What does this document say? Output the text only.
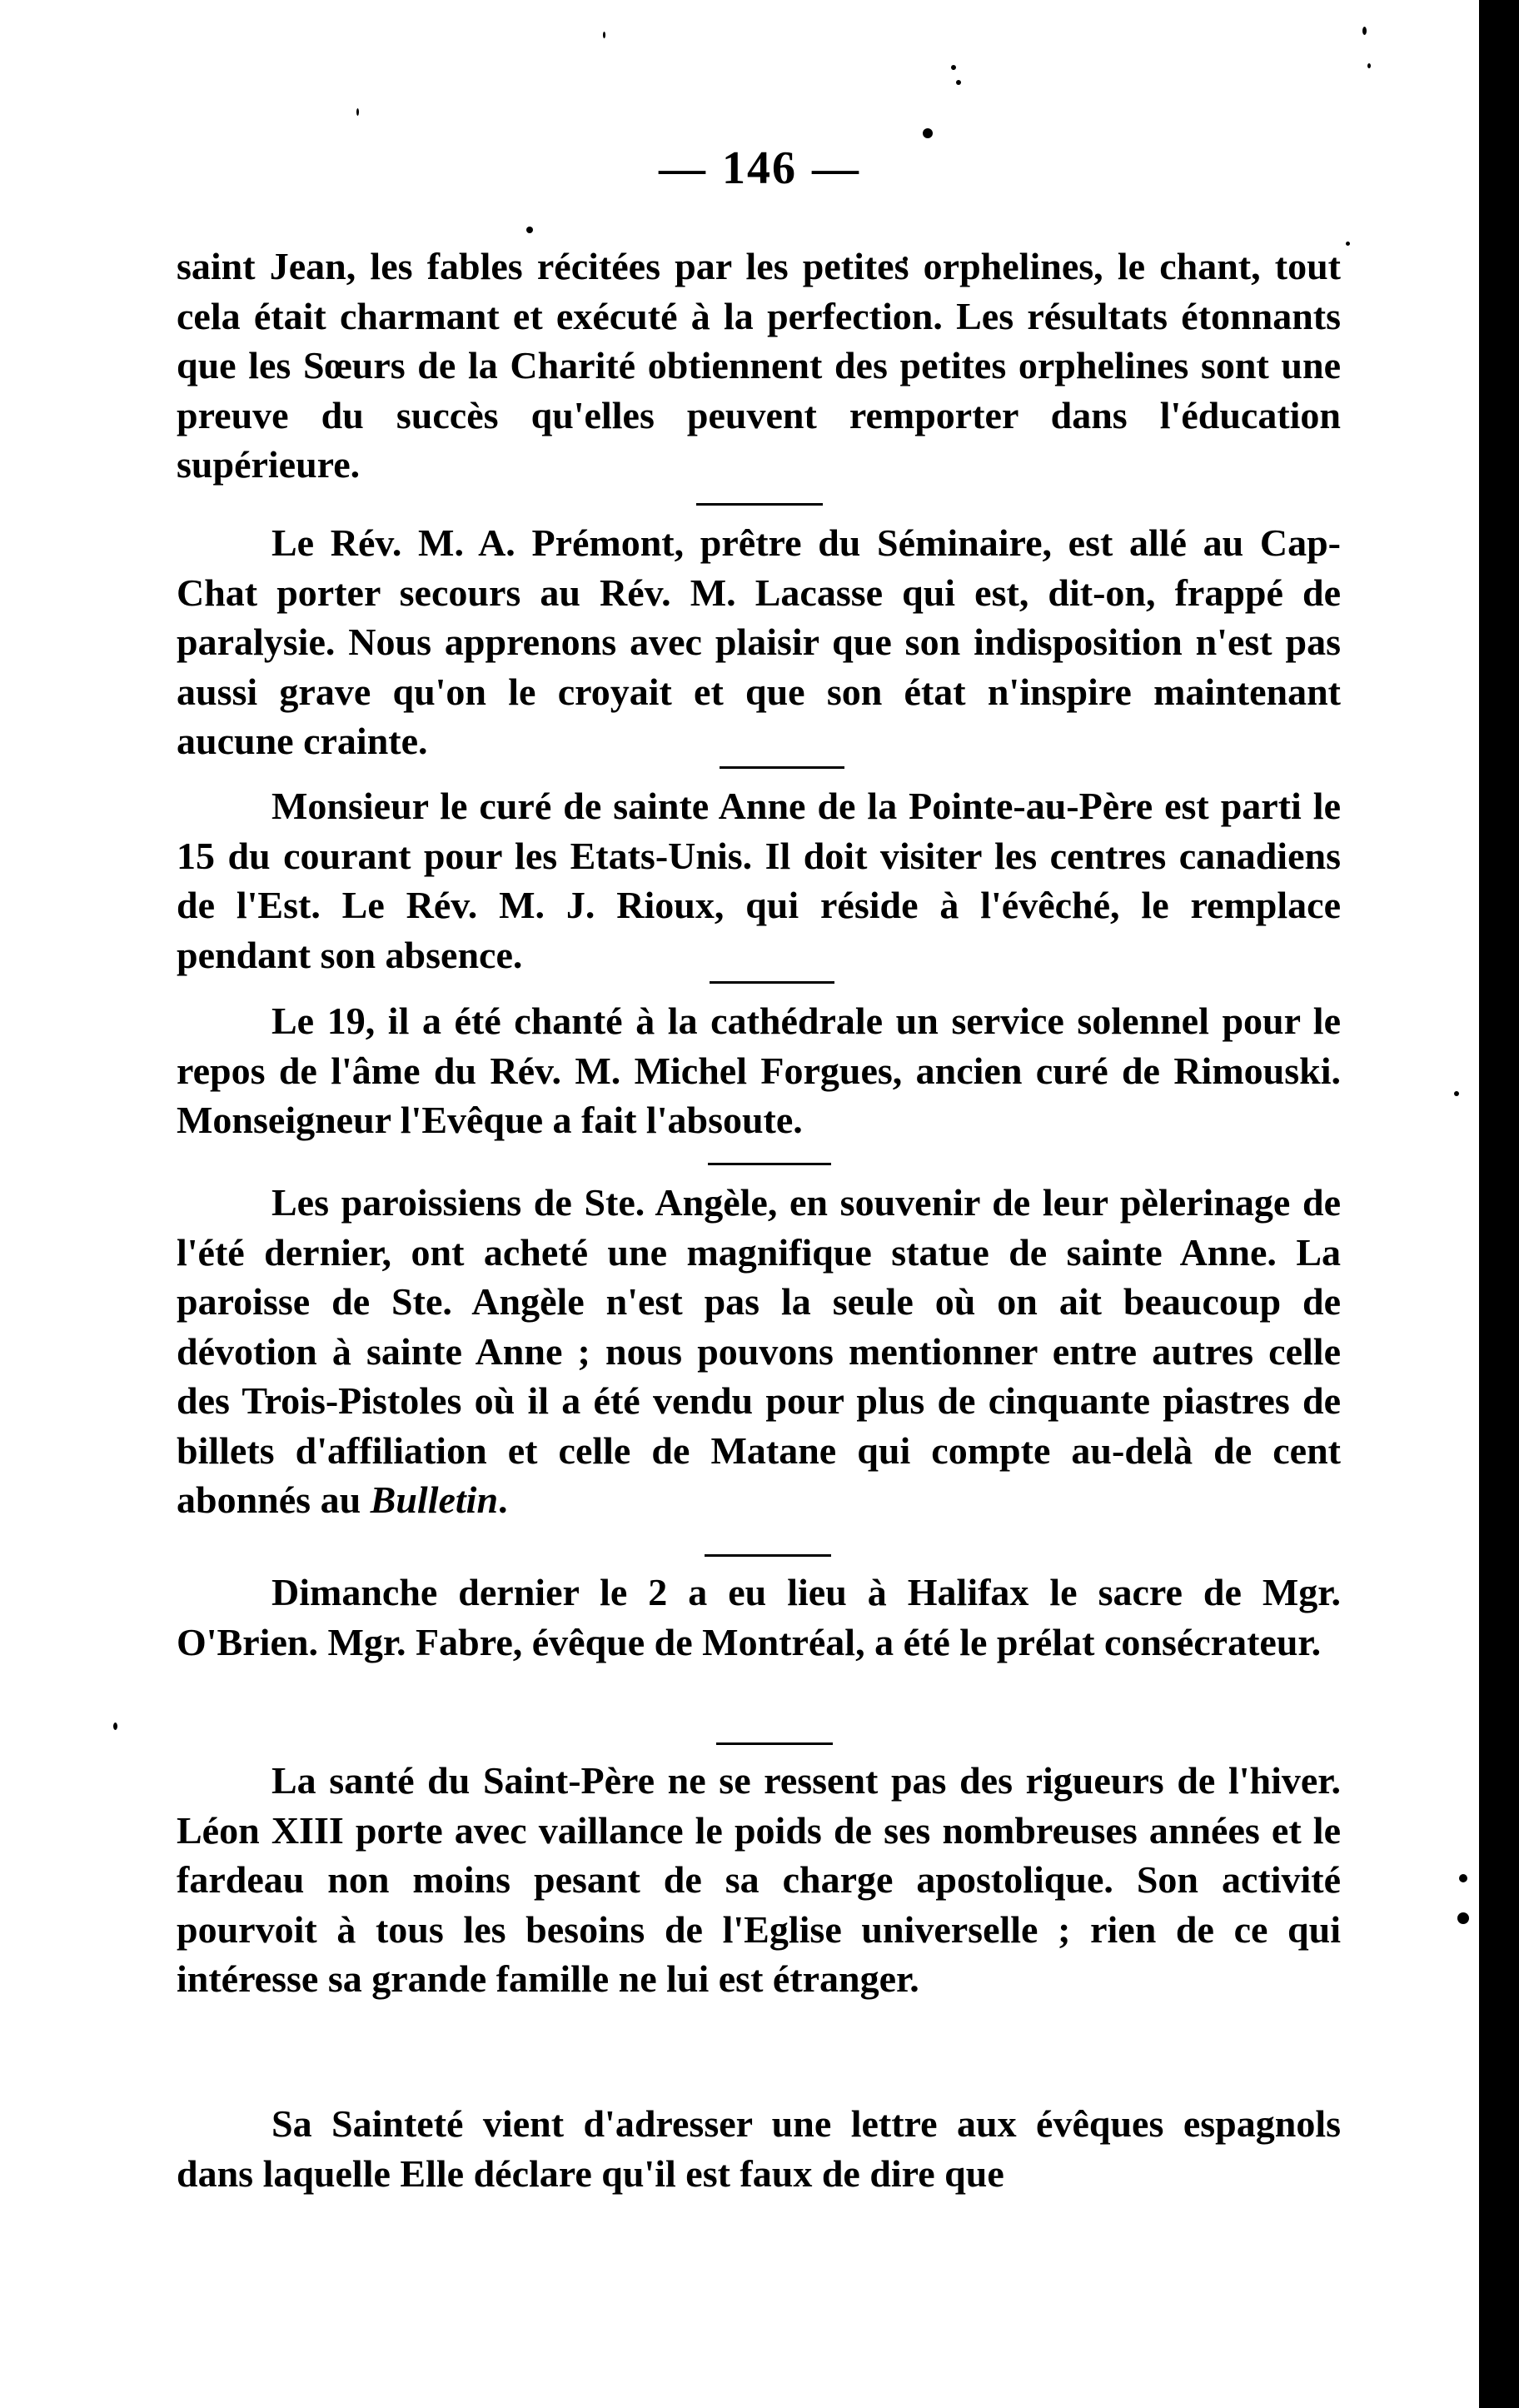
— 146 —

saint Jean, les fables récitées par les petites orphelines, le chant, tout cela était charmant et exécuté à la perfection. Les résultats étonnants que les Sœurs de la Charité obtiennent des petites orphelines sont une preuve du succès qu'elles peuvent remporter dans l'éducation supérieure.

Le Rév. M. A. Prémont, prêtre du Séminaire, est allé au Cap-Chat porter secours au Rév. M. Lacasse qui est, dit-on, frappé de paralysie. Nous apprenons avec plaisir que son indisposition n'est pas aussi grave qu'on le croyait et que son état n'inspire maintenant aucune crainte.

Monsieur le curé de sainte Anne de la Pointe-au-Père est parti le 15 du courant pour les Etats-Unis. Il doit visiter les centres canadiens de l'Est. Le Rév. M. J. Rioux, qui réside à l'évêché, le remplace pendant son absence.

Le 19, il a été chanté à la cathédrale un service solennel pour le repos de l'âme du Rév. M. Michel Forgues, ancien curé de Rimouski. Monseigneur l'Evêque a fait l'absoute.

Les paroissiens de Ste. Angèle, en souvenir de leur pèlerinage de l'été dernier, ont acheté une magnifique statue de sainte Anne. La paroisse de Ste. Angèle n'est pas la seule où on ait beaucoup de dévotion à sainte Anne ; nous pouvons mentionner entre autres celle des Trois-Pistoles où il a été vendu pour plus de cinquante piastres de billets d'affiliation et celle de Matane qui compte au-delà de cent abonnés au Bulletin.

Dimanche dernier le 2 a eu lieu à Halifax le sacre de Mgr. O'Brien. Mgr. Fabre, évêque de Montréal, a été le prélat consécrateur.

La santé du Saint-Père ne se ressent pas des rigueurs de l'hiver. Léon XIII porte avec vaillance le poids de ses nombreuses années et le fardeau non moins pesant de sa charge apostolique. Son activité pourvoit à tous les besoins de l'Eglise universelle ; rien de ce qui intéresse sa grande famille ne lui est étranger.

Sa Sainteté vient d'adresser une lettre aux évêques espagnols dans laquelle Elle déclare qu'il est faux de dire que
